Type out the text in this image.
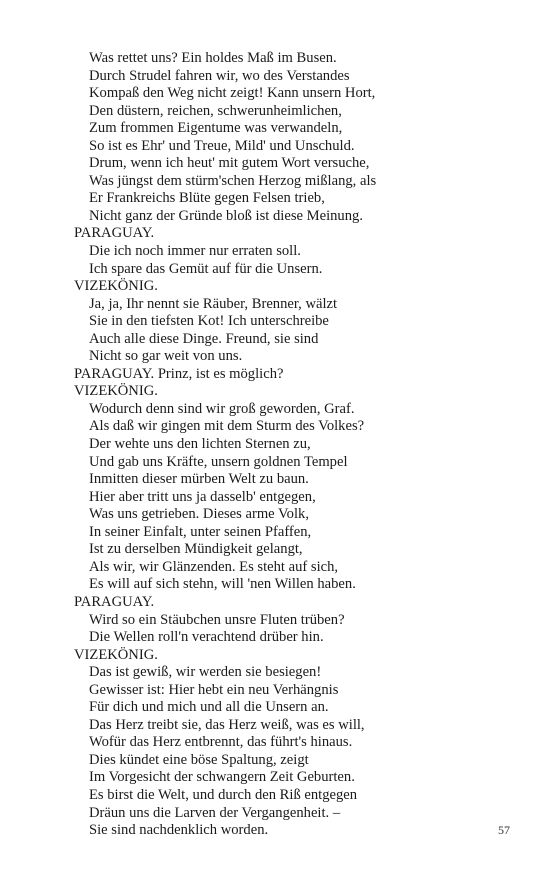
Was rettet uns? Ein holdes Maß im Busen.
Durch Strudel fahren wir, wo des Verstandes
Kompaß den Weg nicht zeigt! Kann unsern Hort,
Den düstern, reichen, schwerunheimlichen,
Zum frommen Eigentume was verwandeln,
So ist es Ehr' und Treue, Mild' und Unschuld.
Drum, wenn ich heut' mit gutem Wort versuche,
Was jüngst dem stürm'schen Herzog mißlang, als
Er Frankreichs Blüte gegen Felsen trieb,
Nicht ganz der Gründe bloß ist diese Meinung.
PARAGUAY.
Die ich noch immer nur erraten soll.
Ich spare das Gemüt auf für die Unsern.
VIZEKÖNIG.
Ja, ja, Ihr nennt sie Räuber, Brenner, wälzt
Sie in den tiefsten Kot! Ich unterschreibe
Auch alle diese Dinge. Freund, sie sind
Nicht so gar weit von uns.
PARAGUAY. Prinz, ist es möglich?
VIZEKÖNIG.
Wodurch denn sind wir groß geworden, Graf.
Als daß wir gingen mit dem Sturm des Volkes?
Der wehte uns den lichten Sternen zu,
Und gab uns Kräfte, unsern goldnen Tempel
Inmitten dieser mürben Welt zu baun.
Hier aber tritt uns ja dasselb' entgegen,
Was uns getrieben. Dieses arme Volk,
In seiner Einfalt, unter seinen Pfaffen,
Ist zu derselben Mündigkeit gelangt,
Als wir, wir Glänzenden. Es steht auf sich,
Es will auf sich stehn, will 'nen Willen haben.
PARAGUAY.
Wird so ein Stäubchen unsre Fluten trüben?
Die Wellen roll'n verachtend drüber hin.
VIZEKÖNIG.
Das ist gewiß, wir werden sie besiegen!
Gewisser ist: Hier hebt ein neu Verhängnis
Für dich und mich und all die Unsern an.
Das Herz treibt sie, das Herz weiß, was es will,
Wofür das Herz entbrennt, das führt's hinaus.
Dies kündet eine böse Spaltung, zeigt
Im Vorgesicht der schwangern Zeit Geburten.
Es birst die Welt, und durch den Riß entgegen
Dräun uns die Larven der Vergangenheit. –
Sie sind nachdenklich worden.	57
